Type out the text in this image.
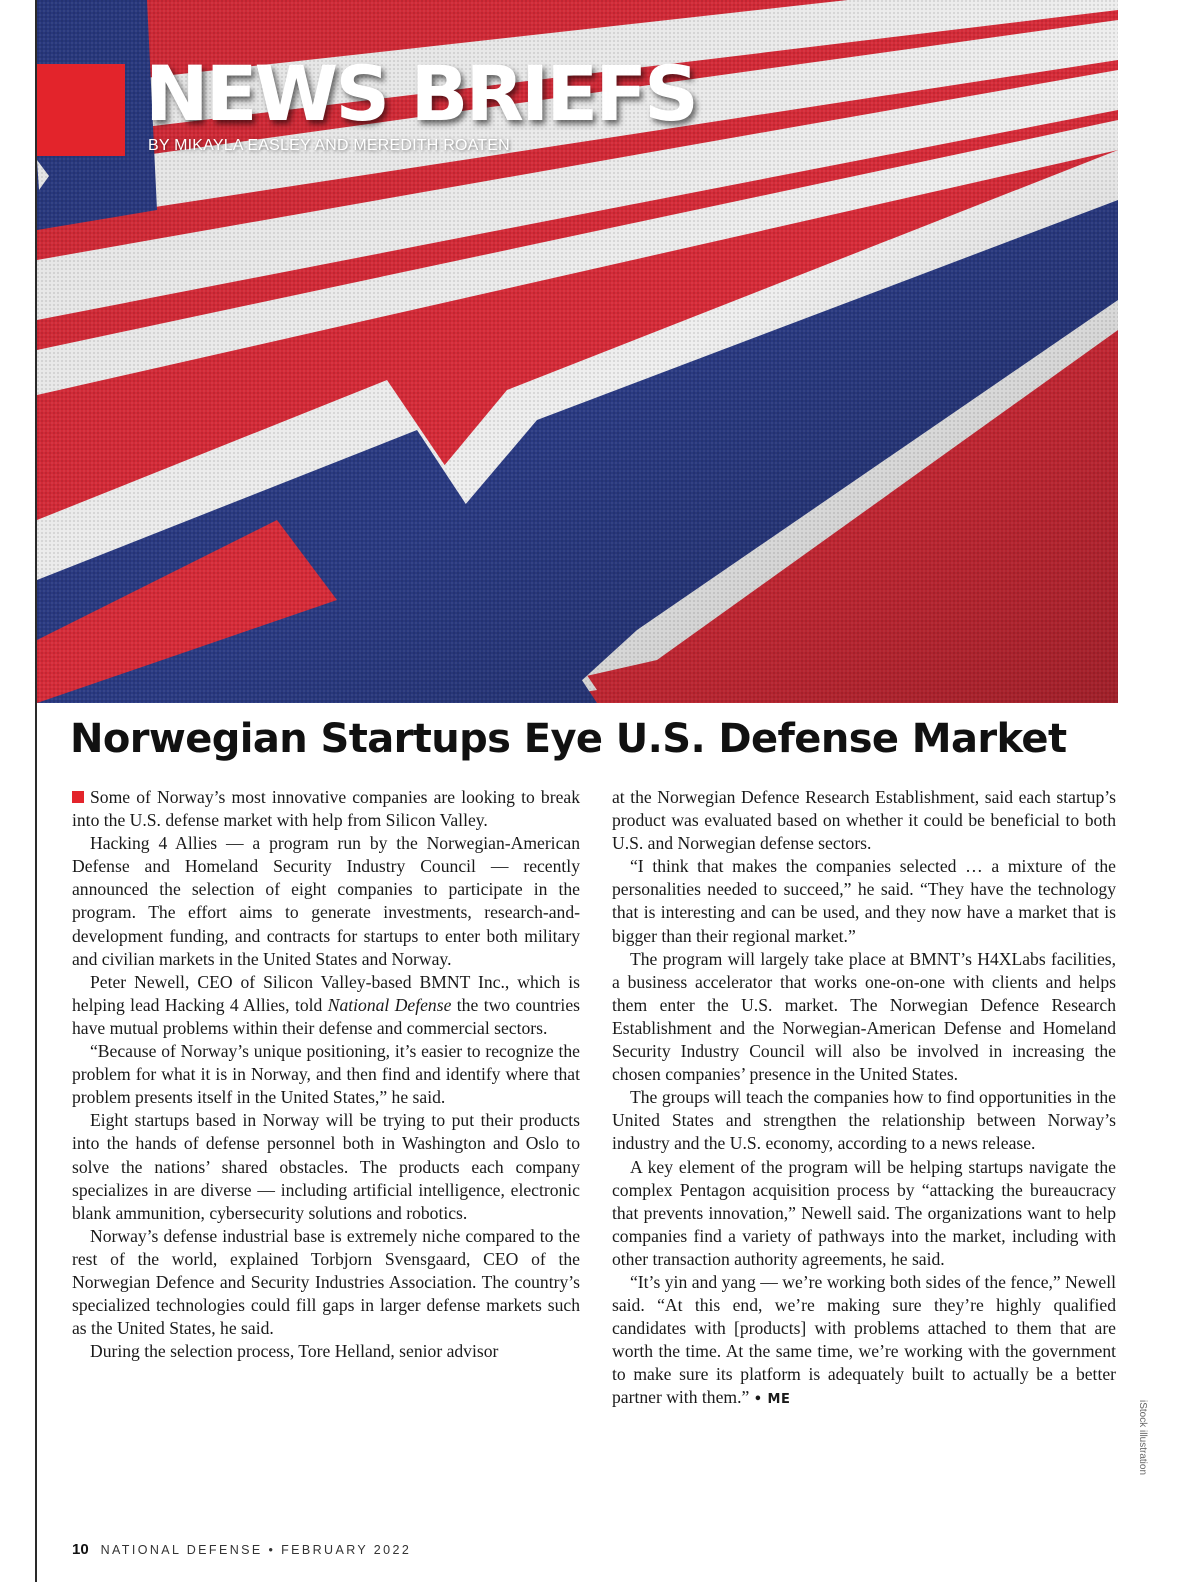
NEWS BRIEFS
BY MIKAYLA EASLEY AND MEREDITH ROATEN
Norwegian Startups Eye U.S. Defense Market

Some of Norway’s most innovative companies are looking to break into the U.S. defense market with help from Silicon Valley.

Hacking 4 Allies — a program run by the Norwegian-American Defense and Homeland Security Industry Council — recently announced the selection of eight companies to participate in the program. The effort aims to generate investments, research-and-development funding, and contracts for startups to enter both military and civilian markets in the United States and Norway.

Peter Newell, CEO of Silicon Valley-based BMNT Inc., which is helping lead Hacking 4 Allies, told National Defense the two countries have mutual problems within their defense and commercial sectors.

“Because of Norway’s unique positioning, it’s easier to recognize the problem for what it is in Norway, and then find and identify where that problem presents itself in the United States,” he said.

Eight startups based in Norway will be trying to put their products into the hands of defense personnel both in Washington and Oslo to solve the nations’ shared obstacles. The products each company specializes in are diverse — including artificial intelligence, electronic blank ammunition, cybersecurity solutions and robotics.

Norway’s defense industrial base is extremely niche compared to the rest of the world, explained Torbjorn Svensgaard, CEO of the Norwegian Defence and Security Industries Association. The country’s specialized technologies could fill gaps in larger defense markets such as the United States, he said.

During the selection process, Tore Helland, senior advisor

at the Norwegian Defence Research Establishment, said each startup’s product was evaluated based on whether it could be beneficial to both U.S. and Norwegian defense sectors.

“I think that makes the companies selected … a mixture of the personalities needed to succeed,” he said. “They have the technology that is interesting and can be used, and they now have a market that is bigger than their regional market.”

The program will largely take place at BMNT’s H4XLabs facilities, a business accelerator that works one-on-one with clients and helps them enter the U.S. market. The Norwegian Defence Research Establishment and the Norwegian-American Defense and Homeland Security Industry Council will also be involved in increasing the chosen companies’ presence in the United States.

The groups will teach the companies how to find opportunities in the United States and strengthen the relationship between Norway’s industry and the U.S. economy, according to a news release.

A key element of the program will be helping startups navigate the complex Pentagon acquisition process by “attacking the bureaucracy that prevents innovation,” Newell said. The organizations want to help companies find a variety of pathways into the market, including with other transaction authority agreements, he said.

“It’s yin and yang — we’re working both sides of the fence,” Newell said. “At this end, we’re making sure they’re highly qualified candidates with [products] with problems attached to them that are worth the time. At the same time, we’re working with the government to make sure its platform is adequately built to actually be a better partner with them.” • ME

iStock illustration
10 NATIONAL DEFENSE • FEBRUARY 2022
